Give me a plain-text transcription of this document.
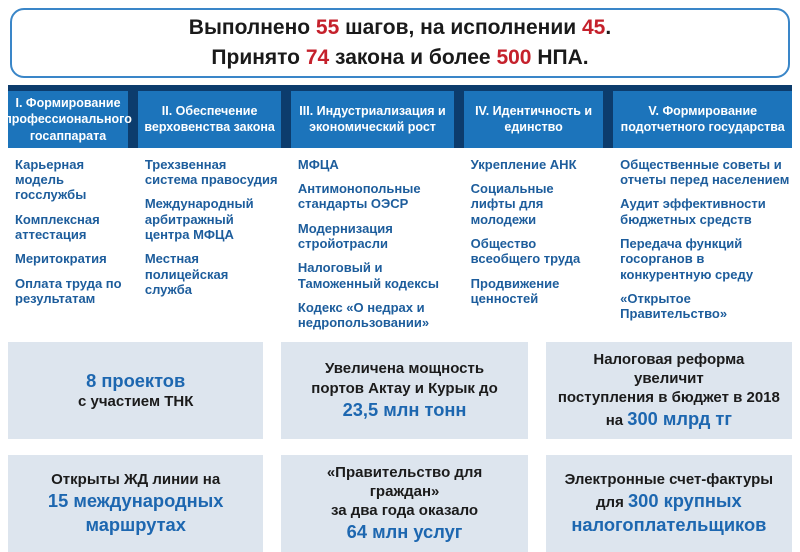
Выполнено 55 шагов, на исполнении 45.
Принято 74 закона и более 500 НПА.
I. Формирование профессионального госаппарата
II. Обеспечение верховенства закона
III. Индустриализация и экономический рост
IV. Идентичность и единство
V. Формирование подотчетного государства
Карьерная модель госслужбы
Комплексная аттестация
Меритократия
Оплата труда по результатам
Трехзвенная система правосудия
Международный арбитражный центра МФЦА
Местная полицейская служба
МФЦА
Антимонопольные стандарты ОЭСР
Модернизация стройотрасли
Налоговый и Таможенный кодексы
Кодекс «О недрах и недропользовании»
Укрепление АНК
Социальные лифты для молодежи
Общество всеобщего труда
Продвижение ценностей
Общественные советы и отчеты перед населением
Аудит эффективности бюджетных средств
Передача функций госорганов в конкурентную среду
«Открытое Правительство»
8 проектов
с участием ТНК
Увеличена мощность
портов Актау и Курык до
23,5 млн тонн
Налоговая реформа увеличит
поступления в бюджет в 2018
на 300 млрд тг
Открыты ЖД линии на
15 международных
маршрутах
«Правительство для граждан»
за два года оказало
64 млн услуг
Электронные счет-фактуры
для 300 крупных
налогоплательщиков
